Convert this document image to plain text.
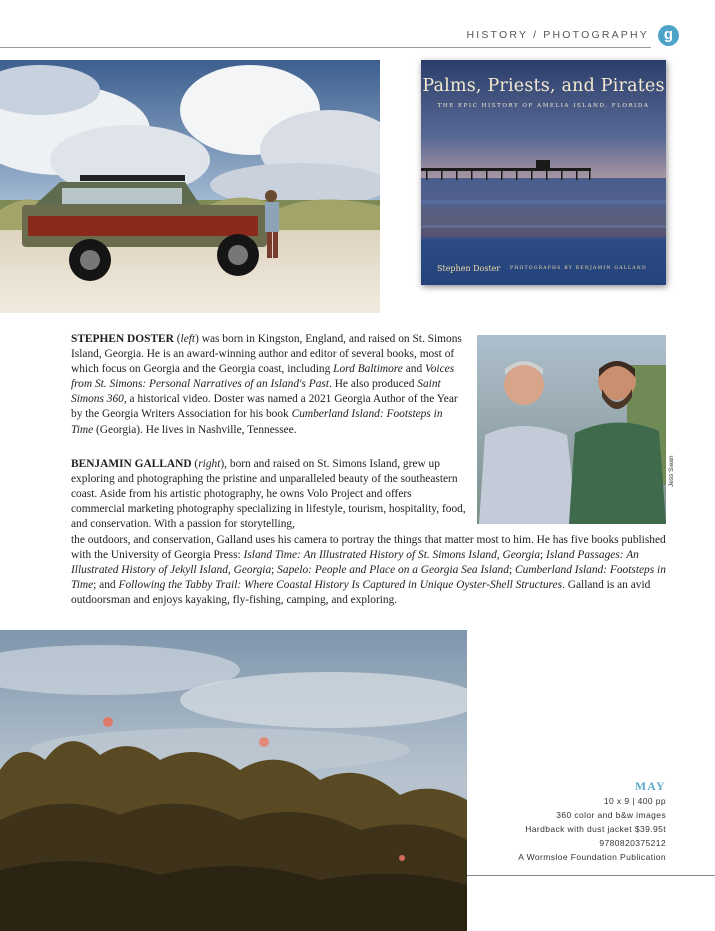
HISTORY / PHOTOGRAPHY g
Palms, Priests, and Pirates
THE EPIC HISTORY OF AMELIA ISLAND, FLORIDA
Stephen Doster PHOTOGRAPHS BY BENJAMIN GALLAND

STEPHEN DOSTER (left) was born in Kingston, England, and raised on St. Simons Island, Georgia. He is an award-winning author and editor of several books, most of which focus on Georgia and the Georgia coast, including Lord Baltimore and Voices from St. Simons: Personal Narratives of an Island's Past. He also produced Saint Simons 360, a historical video. Doster was named a 2021 Georgia Author of the Year by the Georgia Writers Association for his book Cumberland Island: Footsteps in Time (Georgia). He lives in Nashville, Tennessee.

BENJAMIN GALLAND (right), born and raised on St. Simons Island, grew up exploring and photographing the pristine and unparalleled beauty of the southeastern coast. Aside from his artistic photography, he owns Volo Project and offers commercial marketing photography specializing in lifestyle, tourism, hospitality, food, and conservation. With a passion for storytelling,

the outdoors, and conservation, Galland uses his camera to portray the things that matter most to him. He has five books published with the University of Georgia Press: Island Time: An Illustrated History of St. Simons Island, Georgia; Island Passages: An Illustrated History of Jekyll Island, Georgia; Sapelo: People and Place on a Georgia Sea Island; Cumberland Island: Footsteps in Time; and Following the Tabby Trail: Where Coastal History Is Captured in Unique Oyster-Shell Structures. Galland is an avid outdoorsman and enjoys kayaking, fly-fishing, camping, and exploring.

Jess Swan
MAY
10 x 9 | 400 pp
360 color and b&w images
Hardback with dust jacket $39.95t
9780820375212
A Wormsloe Foundation Publication
